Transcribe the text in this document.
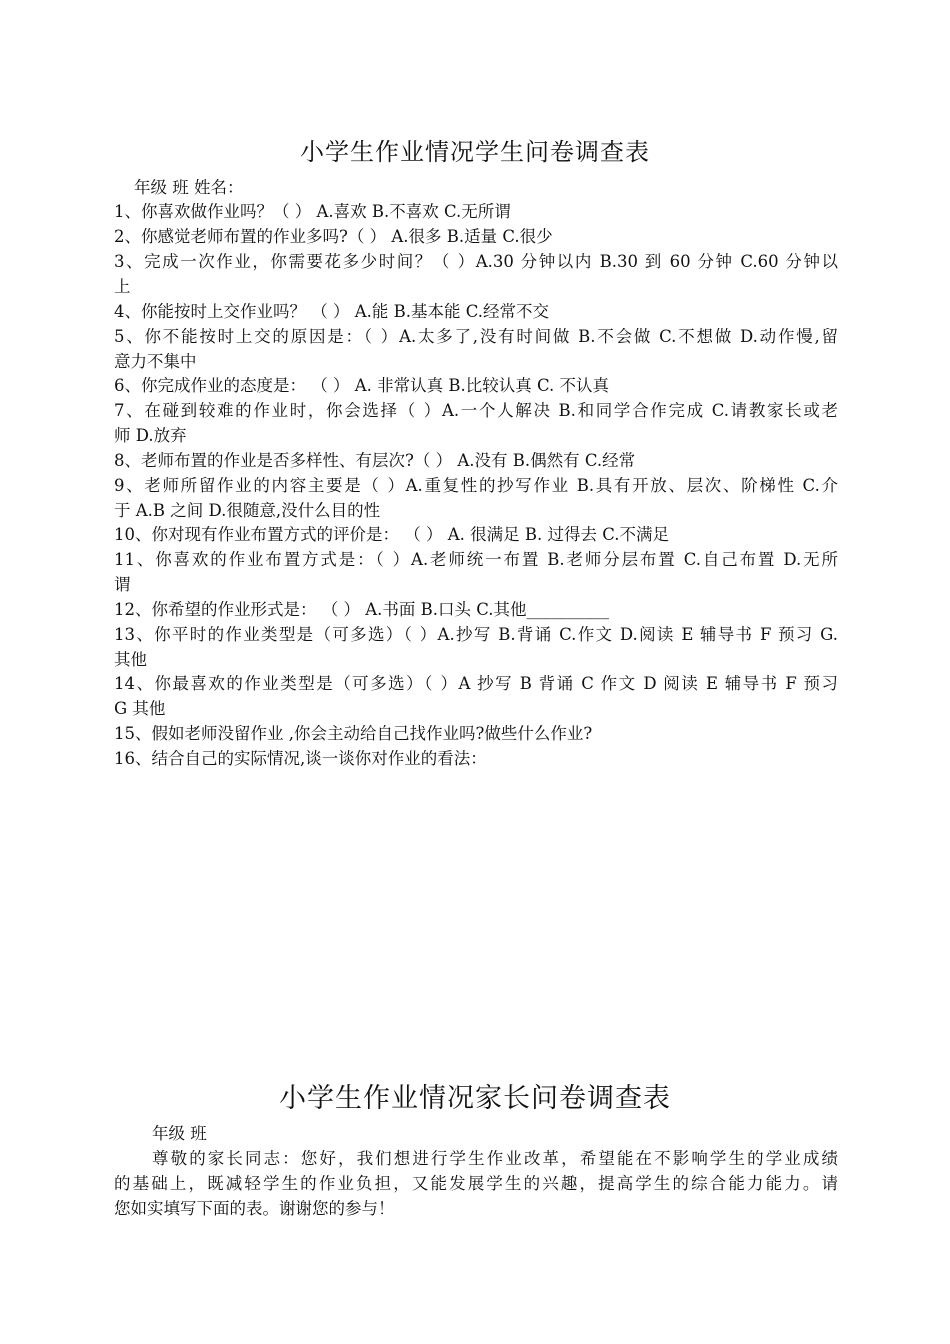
小学生作业情况学生问卷调查表
年级 班 姓名：
1、你喜欢做作业吗？（ ） A.喜欢 B.不喜欢 C.无所谓
2、你感觉老师布置的作业多吗?（ ） A.很多 B.适量 C.很少
3、完成一次作业，你需要花多少时间？（ ）A.30 分钟以内 B.30 到 60 分钟 C.60 分钟以
上
4、你能按时上交作业吗？ （ ） A.能 B.基本能 C.经常不交
5、你不能按时上交的原因是：（ ）A.太多了,没有时间做 B.不会做 C.不想做 D.动作慢,留
意力不集中
6、你完成作业的态度是： （ ） A. 非常认真 B.比较认真 C. 不认真
7、在碰到较难的作业时，你会选择（ ）A.一个人解决 B.和同学合作完成 C.请教家长或老
师 D.放弃
8、老师布置的作业是否多样性、有层次?（ ） A.没有 B.偶然有 C.经常
9、老师所留作业的内容主要是（ ）A.重复性的抄写作业 B.具有开放、层次、阶梯性 C.介
于 A.B 之间 D.很随意,没什么目的性
10、你对现有作业布置方式的评价是： （ ） A. 很满足 B. 过得去 C.不满足
11、你喜欢的作业布置方式是：（ ）A.老师统一布置 B.老师分层布置 C.自己布置 D.无所
谓
12、你希望的作业形式是： （ ） A.书面 B.口头 C.其他__________
13、你平时的作业类型是（可多选）（ ）A.抄写 B.背诵 C.作文 D.阅读 E 辅导书 F 预习 G.
其他
14、你最喜欢的作业类型是（可多选）（ ）A 抄写 B 背诵 C 作文 D 阅读 E 辅导书 F 预习
G 其他
15、假如老师没留作业 ,你会主动给自己找作业吗?做些什么作业?
16、结合自己的实际情况,谈一谈你对作业的看法：
小学生作业情况家长问卷调查表
年级 班
尊敬的家长同志：您好，我们想进行学生作业改革，希望能在不影响学生的学业成绩
的基础上，既减轻学生的作业负担，又能发展学生的兴趣，提高学生的综合能力能力。请
您如实填写下面的表。谢谢您的参与！
